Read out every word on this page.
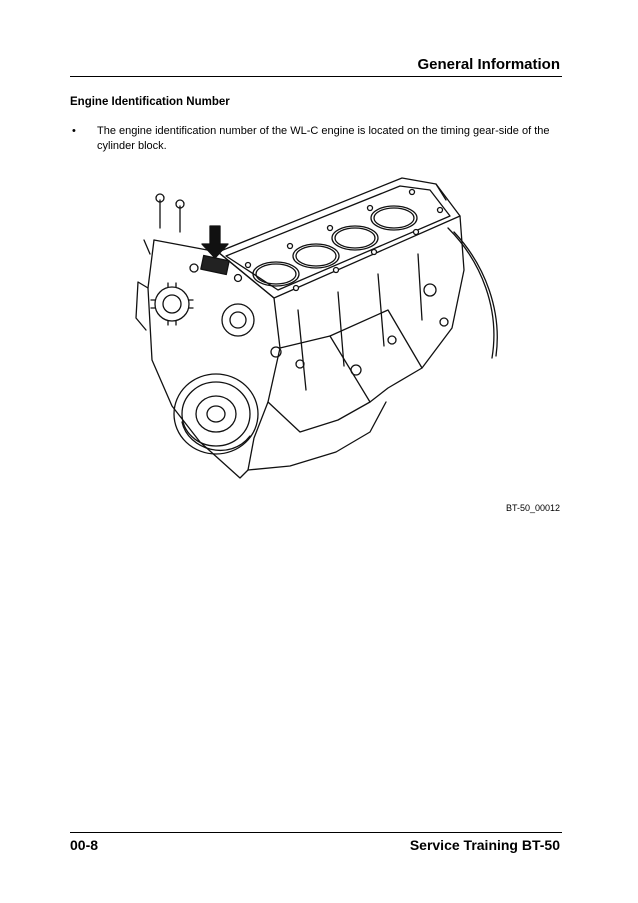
General Information
Engine Identification Number
• The engine identification number of the WL-C engine is located on the timing gear-side of the cylinder block.
BT-50_00012
00-8	Service Training BT-50
